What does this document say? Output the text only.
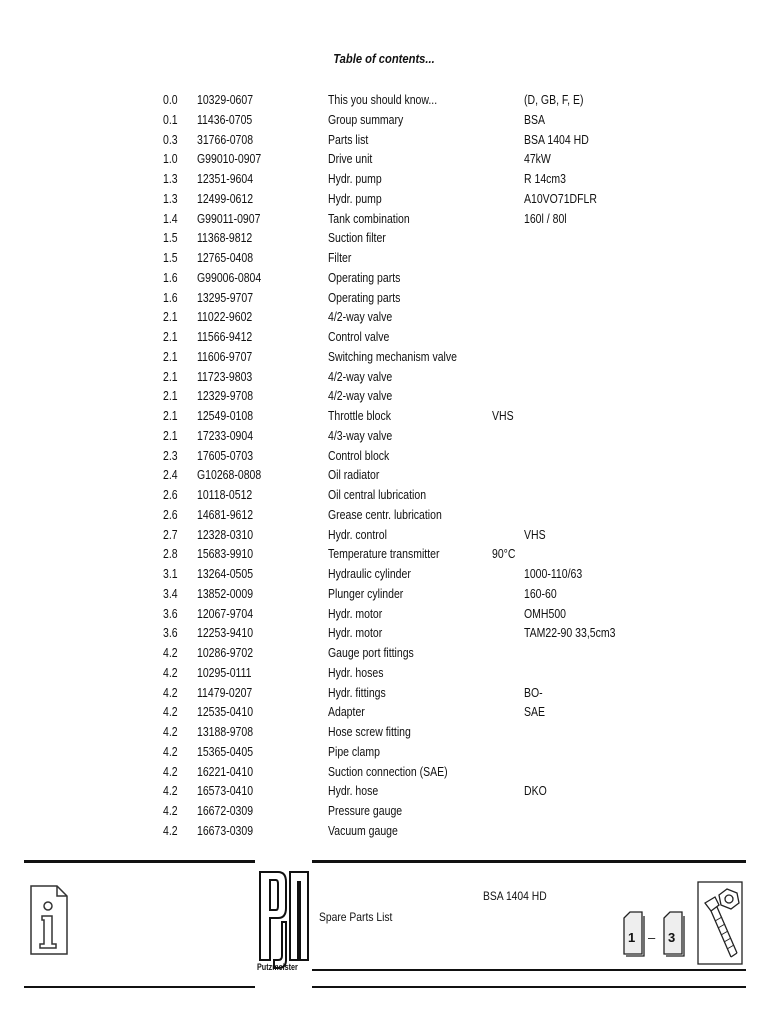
Table of contents...
0.0 10329-0607	This you should know...	(D, GB, F, E)
0.1 11436-0705	Group summary	BSA
0.3 31766-0708	Parts list	BSA 1404 HD
1.0 G99010-0907	Drive unit	47kW
1.3 12351-9604	Hydr. pump	R 14cm3
1.3 12499-0612	Hydr. pump	A10VO71DFLR
1.4 G99011-0907	Tank combination	160l / 80l
1.5 11368-9812	Suction filter
1.5 12765-0408	Filter
1.6 G99006-0804	Operating parts
1.6 13295-9707	Operating parts
2.1 11022-9602	4/2-way valve
2.1 11566-9412	Control valve
2.1 11606-9707	Switching mechanism valve
2.1 11723-9803	4/2-way valve
2.1 12329-9708	4/2-way valve
2.1 12549-0108	Throttle block	VHS
2.1 17233-0904	4/3-way valve
2.3 17605-0703	Control block
2.4 G10268-0808	Oil radiator
2.6 10118-0512	Oil central lubrication
2.6 14681-9612	Grease centr. lubrication
2.7 12328-0310	Hydr. control	VHS
2.8 15683-9910	Temperature transmitter	90°C
3.1 13264-0505	Hydraulic cylinder	1000-110/63
3.4 13852-0009	Plunger cylinder	160-60
3.6 12067-9704	Hydr. motor	OMH500
3.6 12253-9410	Hydr. motor	TAM22-90 33,5cm3
4.2 10286-9702	Gauge port fittings
4.2 10295-0111	Hydr. hoses
4.2 11479-0207	Hydr. fittings	BO-
4.2 12535-0410	Adapter	SAE
4.2 13188-9708	Hose screw fitting
4.2 15365-0405	Pipe clamp
4.2 16221-0410	Suction connection (SAE)
4.2 16573-0410	Hydr. hose	DKO
4.2 16672-0309	Pressure gauge
4.2 16673-0309	Vacuum gauge
Putzmeister
Spare Parts List
BSA 1404 HD
1 – 3
